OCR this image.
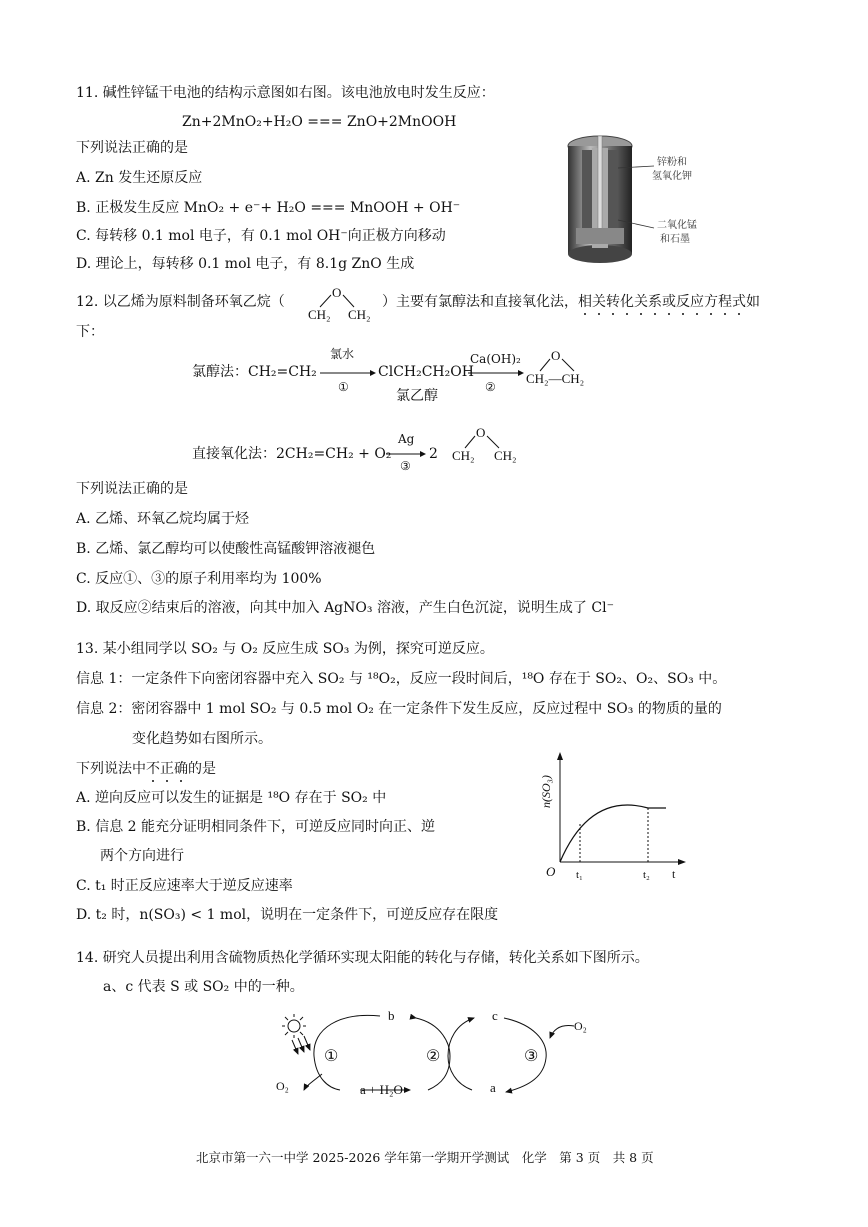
11. 碱性锌锰干电池的结构示意图如右图。该电池放电时发生反应：
Zn+2MnO₂+H₂O === ZnO+2MnOOH
下列说法正确的是
A. Zn 发生还原反应
B. 正极发生反应 MnO₂ + e⁻+ H₂O === MnOOH + OH⁻
C. 每转移 0.1 mol 电子，有 0.1 mol OH⁻向正极方向移动
D. 理论上，每转移 0.1 mol 电子，有 8.1g ZnO 生成
锌粉和
氢氧化钾
二氧化锰
和石墨
12. 以乙烯为原料制备环氧乙烷（
O
CH₂ CH₂
）主要有氯醇法和直接氧化法，相关转化关系或反应方程式如
下：
氯醇法：CH₂=CH₂
氯水
①
ClCH₂CH₂OH
氯乙醇
Ca(OH)₂
②
O
CH₂—CH₂
直接氧化法：2CH₂=CH₂ + O₂
Ag
③
2
O
CH₂ CH₂
下列说法正确的是
A. 乙烯、环氧乙烷均属于烃
B. 乙烯、氯乙醇均可以使酸性高锰酸钾溶液褪色
C. 反应①、③的原子利用率均为 100%
D. 取反应②结束后的溶液，向其中加入 AgNO₃ 溶液，产生白色沉淀，说明生成了 Cl⁻
13. 某小组同学以 SO₂ 与 O₂ 反应生成 SO₃ 为例，探究可逆反应。
信息 1：一定条件下向密闭容器中充入 SO₂ 与 ¹⁸O₂，反应一段时间后，¹⁸O 存在于 SO₂、O₂、SO₃ 中。
信息 2：密闭容器中 1 mol SO₂ 与 0.5 mol O₂ 在一定条件下发生反应，反应过程中 SO₃ 的物质的量的
变化趋势如右图所示。
下列说法中不正确的是
A. 逆向反应可以发生的证据是 ¹⁸O 存在于 SO₂ 中
B. 信息 2 能充分证明相同条件下，可逆反应同时向正、逆
两个方向进行
C. t₁ 时正反应速率大于逆反应速率
D. t₂ 时，n(SO₃) < 1 mol，说明在一定条件下，可逆反应存在限度
n(SO₃)
O t₁	t₂ t
14. 研究人员提出利用含硫物质热化学循环实现太阳能的转化与存储，转化关系如下图所示。
a、c 代表 S 或 SO₂ 中的一种。
b	c
O₂
O₂	a + H₂O	a
①	②	③
北京市第一六一中学 2025-2026 学年第一学期开学测试　化学　第 3 页　共 8 页
